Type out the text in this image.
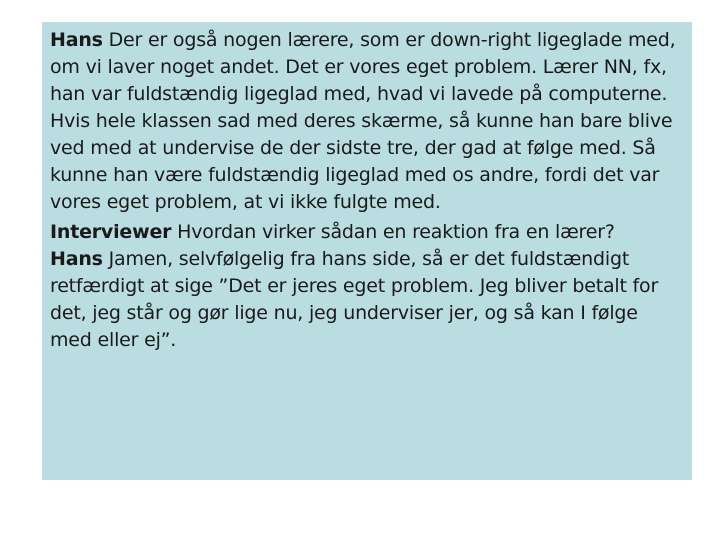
Hans Der er også nogen lærere, som er down-right ligeglade med, om vi laver noget andet. Det er vores eget problem. Lærer NN, fx, han var fuldstændig ligeglad med, hvad vi lavede på computerne. Hvis hele klassen sad med deres skærme, så kunne han bare blive ved med at undervise de der sidste tre, der gad at følge med. Så kunne han være fuldstændig ligeglad med os andre, fordi det var vores eget problem, at vi ikke fulgte med.

Interviewer Hvordan virker sådan en reaktion fra en lærer?

Hans Jamen, selvfølgelig fra hans side, så er det fuldstændigt retfærdigt at sige ”Det er jeres eget problem. Jeg bliver betalt for det, jeg står og gør lige nu, jeg underviser jer, og så kan I følge med eller ej”.
